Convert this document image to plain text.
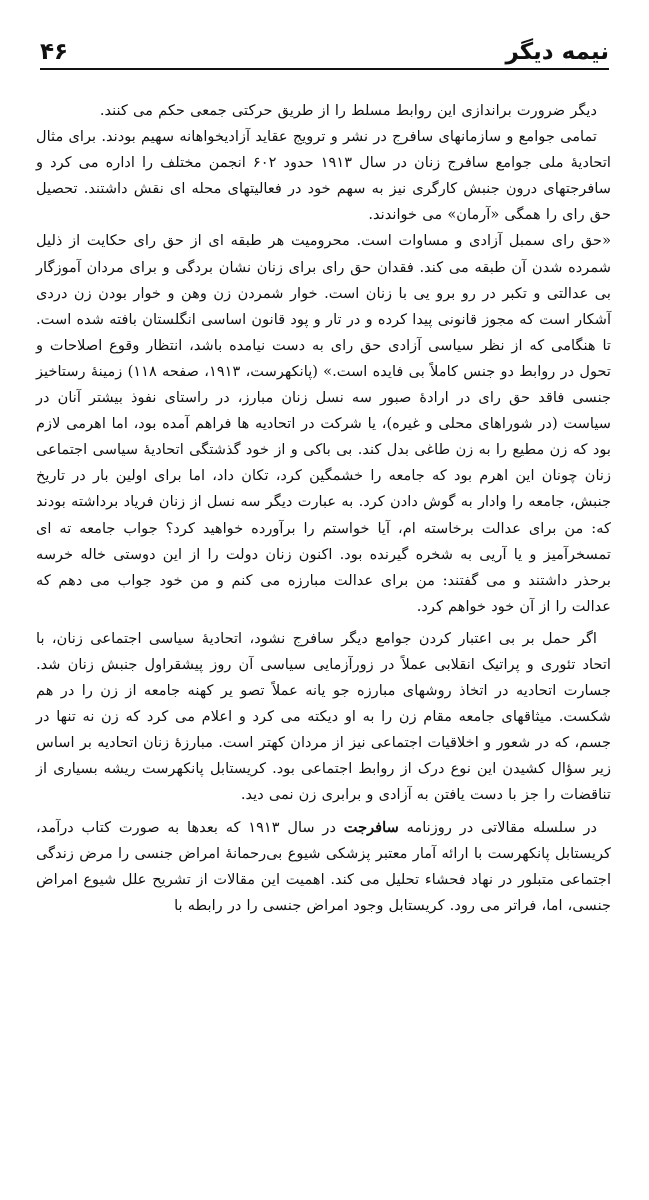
نیمه دیگر
۴۶

دیگر ضرورت براندازی این روابط مسلط را از طریق حرکتی جمعی حکم می کنند.

تمامی جوامع و سازمانهای سافرج در نشر و ترویج عقاید آزادیخواهانه سهیم بودند. برای مثال اتحادیهٔ ملی جوامع سافرج زنان در سال ۱۹۱۳ حدود ۶۰۲ انجمن مختلف را اداره می کرد و سافرجتهای درون جنبش کارگری نیز به سهم خود در فعالیتهای محله ای نقش داشتند. تحصیل حق رای را همگی «آرمان» می خواندند.

«حق رای سمبل آزادی و مساوات است. محرومیت هر طبقه ای از حق رای حکایت از ذلیل شمرده شدن آن طبقه می کند. فقدان حق رای برای زنان نشان بردگی و برای مردان آموزگار بی عدالتی و تکبر در رو برو یی با زنان است. خوار شمردن زن وهن و خوار بودن زن دردی آشکار است که مجوز قانونی پیدا کرده و در تار و پود قانون اساسی انگلستان بافته شده است. تا هنگامی که از نظر سیاسی آزادی حق رای به دست نیامده باشد، انتظار وقوع اصلاحات و تحول در روابط دو جنس کاملاً بی فایده است.» (پانکهرست، ۱۹۱۳، صفحه ۱۱۸) زمینهٔ رستاخیز جنسی فاقد حق رای در ارادهٔ صبور سه نسل زنان مبارز، در راستای نفوذ بیشتر آنان در سیاست (در شوراهای محلی و غیره)، یا شرکت در اتحادیه ها فراهم آمده بود، اما اهرمی لازم بود که زن مطیع را به زن طاغی بدل کند. بی باکی و از خود گذشتگی اتحادیهٔ سیاسی اجتماعی زنان چونان این اهرم بود که جامعه را خشمگین کرد، تکان داد، اما برای اولین بار در تاریخ جنبش، جامعه را وادار به گوش دادن کرد. به عبارت دیگر سه نسل از زنان فریاد برداشته بودند که: من برای عدالت برخاسته ام، آیا خواستم را برآورده خواهید کرد؟ جواب جامعه ته ای تمسخرآمیز و یا آریی به شخره گیرنده بود. اکنون زنان دولت را از این دوستی خاله خرسه برحذر داشتند و می گفتند: من برای عدالت مبارزه می کنم و من خود جواب می دهم که عدالت را از آن خود خواهم کرد.

اگر حمل بر بی اعتبار کردن جوامع دیگر سافرج نشود، اتحادیهٔ سیاسی اجتماعی زنان، با اتحاد تئوری و پراتیک انقلابی عملاً در زورآزمایی سیاسی آن روز پیشقراول جنبش زنان شد. جسارت اتحادیه در اتخاذ روشهای مبارزه جو یانه عملاً تصو یر کهنه جامعه از زن را در هم شکست. میثاقهای جامعه مقام زن را به او دیکته می کرد و اعلام می کرد که زن نه تنها در جسم، که در شعور و اخلاقیات اجتماعی نیز از مردان کهتر است. مبارزهٔ زنان اتحادیه بر اساس زیر سؤال کشیدن این نوع درک از روابط اجتماعی بود. کریستابل پانکهرست ریشه بسیاری از تناقضات را جز با دست یافتن به آزادی و برابری زن نمی دید.

در سلسله مقالاتی در روزنامه سافرجت در سال ۱۹۱۳ که بعدها به صورت کتاب درآمد، کریستابل پانکهرست با ارائه آمار معتبر پزشکی شیوع بی‌رحمانهٔ امراض جنسی را مرض زندگی اجتماعی متبلور در نهاد فحشاء تحلیل می کند. اهمیت این مقالات از تشریح علل شیوع امراض جنسی، اما، فراتر می رود. کریستابل وجود امراض جنسی را در رابطه با
